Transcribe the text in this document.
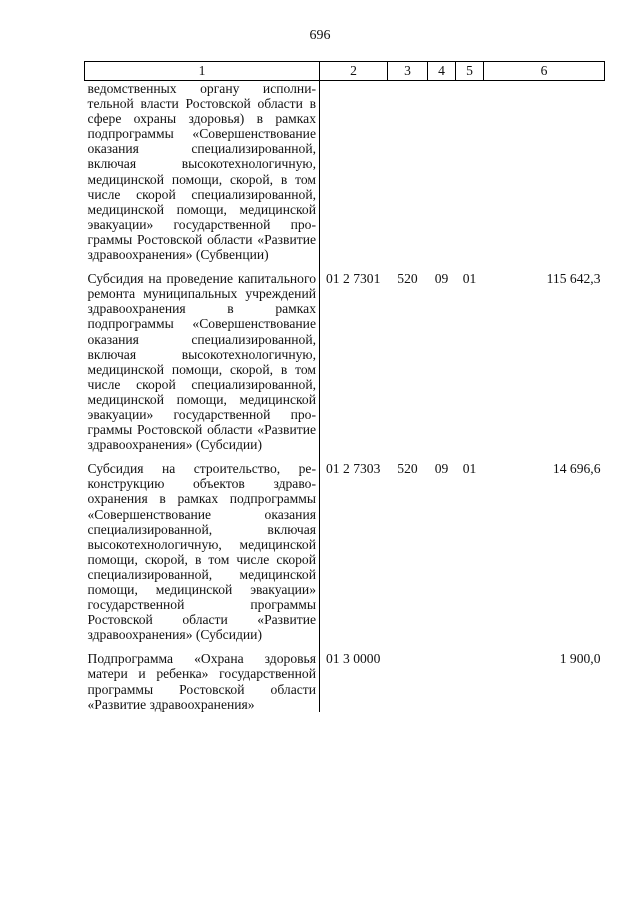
696
1	2	3	4	5	6

ведомственных органу исполнительной власти Ростовской области в сфере охраны здоровья) в рамках подпрограммы «Совершенствование оказания специализированной, включая высокотехнологичную, медицинской помощи, скорой, в том числе скорой специализированной, медицинской помощи, медицинской эвакуации» государственной программы Ростовской области «Развитие здравоохранения» (Субвенции)					

Субсидия на проведение капитального ремонта муниципальных учреждений здравоохранения в рамках подпрограммы «Совершенствование оказания специализированной, включая высокотехнологичную, медицинской помощи, скорой, в том числе скорой специализированной, медицинской помощи, медицинской эвакуации» государственной программы Ростовской области «Развитие здравоохранения» (Субсидии)	01 2 7301	520	09	01	115 642,3

Субсидия на строительство, реконструкцию объектов здравоохранения в рамках подпрограммы «Совершенствование оказания специализированной, включая высокотехнологичную, медицинской помощи, скорой, в том числе скорой специализированной, медицинской помощи, медицинской эвакуации» государственной программы Ростовской области «Развитие здравоохранения» (Субсидии)	01 2 7303	520	09	01	14 696,6

Подпрограмма «Охрана здоровья матери и ребенка» государственной программы Ростовской области «Развитие здравоохранения»	01 3 0000				1 900,0
